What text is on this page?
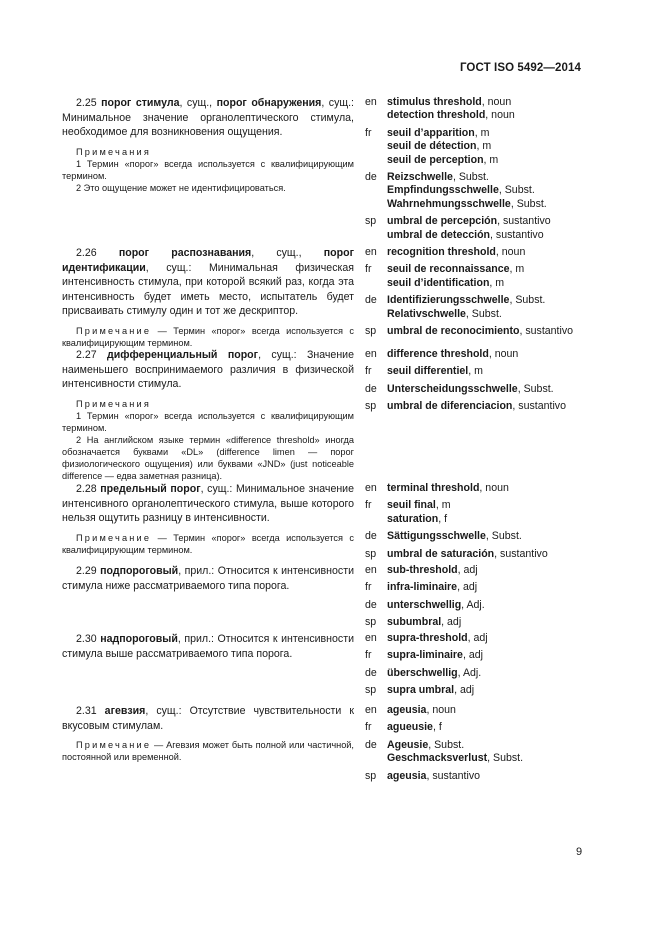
ГОСТ ISO 5492—2014

2.25 порог стимула, сущ., порог обнаружения, сущ.: Минимальное значение органолептического стимула, необходимое для возникновения ощущения.

Примечания

1 Термин «порог» всегда используется с квалифицирующим термином.

2 Это ощущение может не идентифицироваться.

en stimulus threshold, noun
detection threshold, noun
fr seuil d’apparition, m
seuil de détection, m
seuil de perception, m
de Reizschwelle, Subst.
Empfindungsschwelle, Subst.
Wahrnehmungsschwelle, Subst.
sp umbral de percepción, sustantivo
umbral de detección, sustantivo

2.26 порог распознавания, сущ., порог идентификации, сущ.: Минимальная физическая интенсивность стимула, при которой всякий раз, когда эта интенсивность будет иметь место, испытатель будет присваивать стимулу один и тот же дескриптор.

Примечание — Термин «порог» всегда используется с квалифицирующим термином.

en recognition threshold, noun
fr seuil de reconnaissance, m
seuil d’identification, m
de Identifizierungsschwelle, Subst.
Relativschwelle, Subst.
sp umbral de reconocimiento, sustantivo

2.27 дифференциальный порог, сущ.: Значение наименьшего воспринимаемого различия в физической интенсивности стимула.

Примечания

1 Термин «порог» всегда используется с квалифицирующим термином.

2 На английском языке термин «difference threshold» иногда обозначается буквами «DL» (difference limen — порог физиологического ощущения) или буквами «JND» (just noticeable difference — едва заметная разница).

en difference threshold, noun
fr seuil differentiel, m
de Unterscheidungsschwelle, Subst.
sp umbral de diferenciacion, sustantivo

2.28 предельный порог, сущ.: Минимальное значение интенсивного органолептического стимула, выше которого нельзя ощутить разницу в интенсивности.

Примечание — Термин «порог» всегда используется с квалифицирующим термином.

en terminal threshold, noun
fr seuil final, m
saturation, f
de Sättigungsschwelle, Subst.
sp umbral de saturación, sustantivo

2.29 подпороговый, прил.: Относится к интенсивности стимула ниже рассматриваемого типа порога.

en sub-threshold, adj
fr infra-liminaire, adj
de unterschwellig, Adj.
sp subumbral, adj

2.30 надпороговый, прил.: Относится к интенсивности стимула выше рассматриваемого типа порога.

en supra-threshold, adj
fr supra-liminaire, adj
de überschwellig, Adj.
sp supra umbral, adj

2.31 агевзия, сущ.: Отсутствие чувствительности к вкусовым стимулам.

Примечание — Агевзия может быть полной или частичной, постоянной или временной.

en ageusia, noun
fr agueusie, f
de Ageusie, Subst.
Geschmacksverlust, Subst.
sp ageusia, sustantivo
9
